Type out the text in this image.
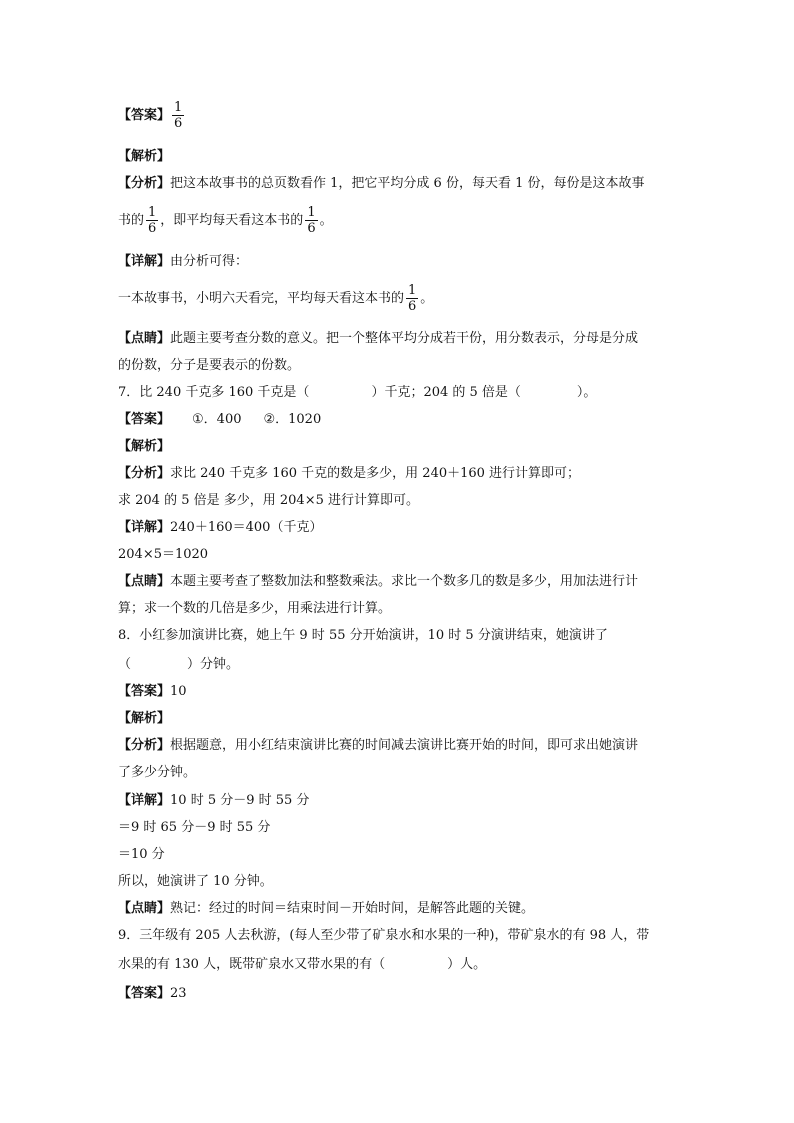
【答案】 $\frac{1}{6}$
【解析】
【分析】把这本故事书的总页数看作 1，把它平均分成 6 份，每天看 1 份，每份是这本故事
书的 $\frac{1}{6}$ ，即平均每天看这本书的 $\frac{1}{6}$ 。
【详解】由分析可得：
一本故事书，小明六天看完，平均每天看这本书的 $\frac{1}{6}$ 。
【点睛】此题主要考查分数的意义。把一个整体平均分成若干份，用分数表示，分母是分成
的份数，分子是要表示的份数。
7．比 240 千克多 160 千克是（	）千克；204 的 5 倍是（	）。
【答案】 ①．400 ②．1020
【解析】
【分析】求比 240 千克多 160 千克的数是多少，用 240＋160 进行计算即可；
求 204 的 5 倍是 多少，用 204×5 进行计算即可。
【详解】240＋160＝400（千克）
204×5＝1020
【点睛】本题主要考查了整数加法和整数乘法。求比一个数多几的数是多少，用加法进行计
算；求一个数的几倍是多少，用乘法进行计算。
8．小红参加演讲比赛，她上午 9 时 55 分开始演讲，10 时 5 分演讲结束，她演讲了
（	）分钟。
【答案】10
【解析】
【分析】根据题意，用小红结束演讲比赛的时间减去演讲比赛开始的时间，即可求出她演讲
了多少分钟。
【详解】10 时 5 分－9 时 55 分
＝9 时 65 分－9 时 55 分
＝10 分
所以，她演讲了 10 分钟。
【点睛】熟记：经过的时间＝结束时间－开始时间，是解答此题的关键。
9．三年级有 205 人去秋游，(每人至少带了矿泉水和水果的一种)，带矿泉水的有 98 人，带
水果的有 130 人，既带矿泉水又带水果的有（	）人。
【答案】23
